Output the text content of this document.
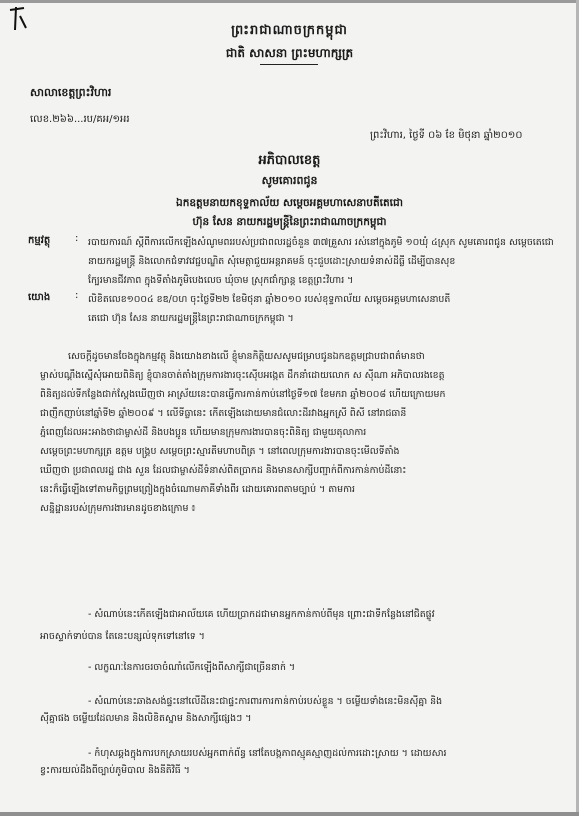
ព្រះរាជាណាចក្រកម្ពុជា
ជាតិ សាសនា ព្រះមហាក្សត្រ
សាលាខេត្តព្រះវិហារ
លេខ.២៦៦...រប/គអ/១អរ
ព្រះវិហារ, ថ្ងៃទី ០៦ ខែ មិថុនា ឆ្នាំ២០១០
អភិបាលខេត្ត
សូមគោរពជូន
ឯកឧត្តមនាយកខុទ្ទកាល័យ សម្តេចអគ្គមហាសេនាបតីតេជោ
ហ៊ុន សែន នាយករដ្ឋមន្ត្រីនៃព្រះរាជាណាចក្រកម្ពុជា
កម្មវត្ថុ : របាយការណ៍ ស្តីពីការលើកឡើងសំណូមពររបស់ប្រជាពលរដ្ឋចំនួន ៣៧គ្រួសារ រស់នៅក្នុងភូមិ ១០ឃុំ ៤ស្រុក សូមគោរពជូន សម្តេចតេជោ
នាយករដ្ឋមន្ត្រី និងលោកជំទាវវេជ្ជបណ្ឌិត សុំមេត្តាជួយអន្តរាគមន៍ ចុះជួបដោះស្រាយទំនាស់ដីធ្លី ដើម្បីបានសុខ
ក្បែរមានជីវភាព ក្នុងទីតាំងភូមិបេងលេច ឃុំចាម ស្រុកជាំក្សាន្ត ខេត្តព្រះវិហារ ។
យោង : លិខិតលេខ១០០៤ ខឌ/០ហ ចុះថ្ងៃទី២២ ខែមិថុនា ឆ្នាំ២០១០ របស់ខុទ្ទកាល័យ សម្តេចអគ្គមហាសេនាបតី
តេជោ ហ៊ុន សែន នាយករដ្ឋមន្ត្រីនៃព្រះរាជាណាចក្រកម្ពុជា ។
សេចក្តីដូចមានចែងក្នុងកម្មវត្ថុ និងយោងខាងលើ ខ្ញុំមានកិត្តិយសសូមជម្រាបជូនឯកឧត្តមជ្រាបជាពត៌មានថា
ម្ចាស់បណ្តឹងស្នើសុំអោយពិនិត្យ ខ្ញុំបានចាត់តាំងក្រុមការងារចុះស៊ើបអង្កេត ដឹកនាំដោយលោក ស ស៊ីណា អភិបាលរងខេត្ត
ពិនិត្យដល់ទីកន្លែងជាក់ស្តែងឃើញថា អាស្រ័យនេះបានធ្វើការកាន់កាប់នៅថ្ងៃទី១៧ ខែមករា ឆ្នាំ២០០៨ ហើយក្រោយមក
ជាញឹកញាប់នៅឆ្នាំទី២ ឆ្នាំ២០០៩ ។ លើទីធ្លានេះ កើតឡើងដោយមានជំលោះដីរវាងអ្នកស្រី ពិសី នៅរាជធានី
ភ្នំពេញដែលអះអាងថាជាម្ចាស់ដី និងបងប្អូន ហើយមានក្រុមការងារបានចុះពិនិត្យ ជាមួយតុលាការ
សម្តេចព្រះមហាក្សត្រ ឧត្តម បង្គ្រប សម្តេចព្រះស្មារតីមហាបពិត្រ ។ នៅពេលក្រុមការងារបានចុះមើលទីតាំង
ឃើញថា ប្រជាពលរដ្ឋ ជាង សួន ដែលជាម្ចាស់ដីទំនាស់ពិតប្រាកដ និងមានសាក្សីបញ្ជាក់ពីការកាន់កាប់ដីនោះ
នេះក៏ធ្វើឡើងទៅតាមកិច្ចព្រមព្រៀងក្នុងចំណោមភាគីទាំងពីរ ដោយគោរពតាមច្បាប់ ។ តាមការ
សន្និដ្ឋានរបស់ក្រុមការងារមានដូចខាងក្រោម ៖
- សំណាប់នេះកើតឡើងជាអាល័យគេ ហើយប្រាកដជាមានអ្នកកាន់កាប់ពីមុន ព្រោះជាទីកន្លែងនៅជិតផ្លូវ
អាចស្ទាក់ទាប់បាន តែនេះបន្សល់ទុកទៅនៅទេ ។
- លក្ខណៈនៃការចរចាចំណាំលើកឡើងពីសាក្សីជាច្រើននាក់ ។
- សំណាប់នេះឆាងសង់ផ្ទះនៅលើដីនេះជាផ្ទះការពារការកាន់កាប់របស់ខ្លួន ។ ចម្លើយទាំងនេះមិនស៊ីគ្នា និង
ស៊ីគ្នាផង ចម្លើយដែលមាន និងលិខិតស្នាម និងសាក្សីផ្សេងៗ ។
- កំហុសឆ្គងក្នុងការបកស្រាយរបស់អ្នកពាក់ព័ន្ធ នៅតែបង្កភាពស្មុគស្មាញដល់ការដោះស្រាយ ។ ដោយសារ
ខ្វះការយល់ដឹងពីច្បាប់ភូមិបាល និងនីតិវិធី ។
